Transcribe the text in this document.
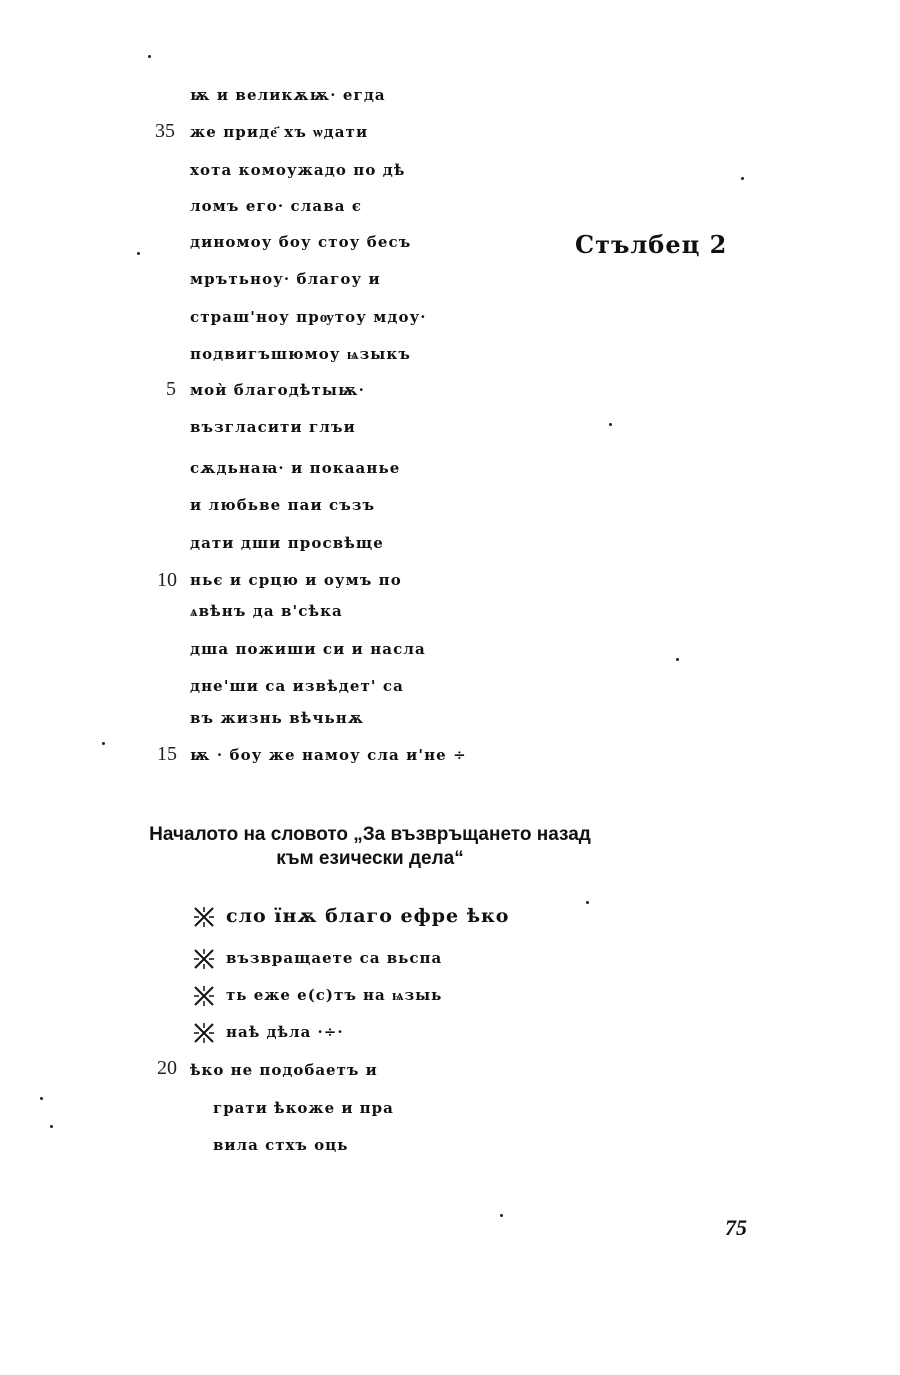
ѭ и великѫѭ· егда
35 же приде҃ хъ ѡдати
хота комоужадо по дѣ
ломъ его· слава є
диномоу боу стоу бесъ
мрътьноу· благоу и
страш'ноу прѹтоу мдоу·
подвигъшюмоу ѩзыкъ
5 моѝ благодѣтыѭ·
възгласити глъи
сѫдьнаꙗ· и покаанье
и любьве паи съзъ
дати дши просвѣще
10 ньє и срцю и оумъ по
ѧвѣнъ да в'сѣка
дша пожиши си и наслa
дне'ши са извѣдет' са
въ жизнь вѣчьнѫ
15 ѭ · боу же намоу сла и'не ÷
Стълбец 2
Началото на словото „За възвръщането назад
към езически дела“
сло їнѫ благо ефре ѣко
възвращаете са вьспа
ть еже е(с)тъ на ѩзыь
наѣ дѣла ·÷·
20 ѣко не подобаетъ и
грати ѣкоже и пра
вила стхъ оць
75
